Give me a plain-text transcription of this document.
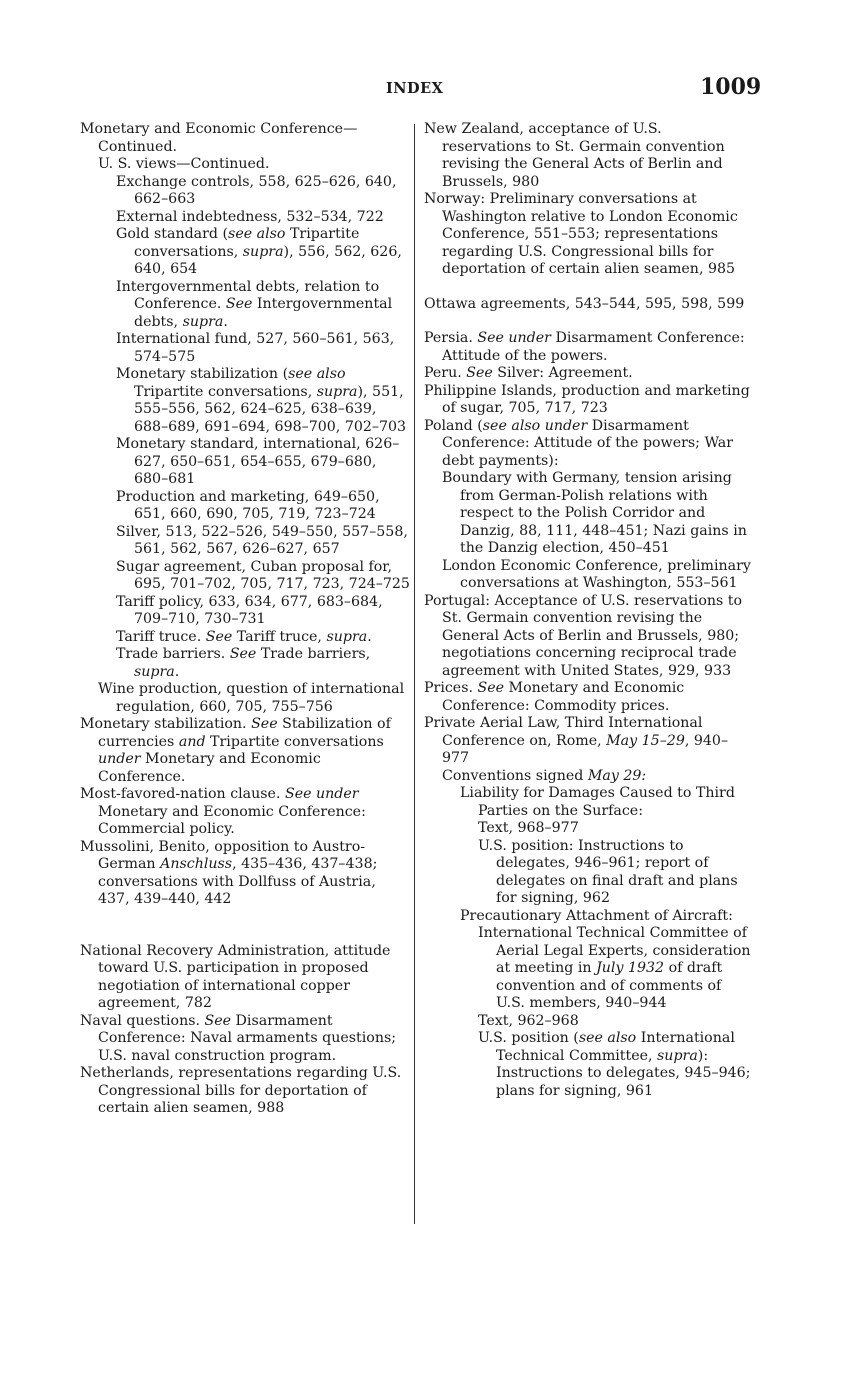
INDEX	1009
Monetary and Economic Conference—Continued.
U. S. views—Continued.
Exchange controls, 558, 625–626, 640, 662–663
External indebtedness, 532–534, 722
Gold standard (see also Tripartite conversations, supra), 556, 562, 626, 640, 654
Intergovernmental debts, relation to Conference. See Intergovernmental debts, supra.
International fund, 527, 560–561, 563, 574–575
Monetary stabilization (see also Tripartite conversations, supra), 551, 555–556, 562, 624–625, 638–639, 688–689, 691–694, 698–700, 702–703
Monetary standard, international, 626–627, 650–651, 654–655, 679–680, 680–681
Production and marketing, 649–650, 651, 660, 690, 705, 719, 723–724
Silver, 513, 522–526, 549–550, 557–558, 561, 562, 567, 626–627, 657
Sugar agreement, Cuban proposal for, 695, 701–702, 705, 717, 723, 724–725
Tariff policy, 633, 634, 677, 683–684, 709–710, 730–731
Tariff truce. See Tariff truce, supra.
Trade barriers. See Trade barriers, supra.
Wine production, question of international regulation, 660, 705, 755–756
Monetary stabilization. See Stabilization of currencies and Tripartite conversations under Monetary and Economic Conference.
Most-favored-nation clause. See under Monetary and Economic Conference: Commercial policy.
Mussolini, Benito, opposition to Austro-German Anschluss, 435–436, 437–438; conversations with Dollfuss of Austria, 437, 439–440, 442
National Recovery Administration, attitude toward U.S. participation in proposed negotiation of international copper agreement, 782
Naval questions. See Disarmament Conference: Naval armaments questions; U.S. naval construction program.
Netherlands, representations regarding U.S. Congressional bills for deportation of certain alien seamen, 988
New Zealand, acceptance of U.S. reservations to St. Germain convention revising the General Acts of Berlin and Brussels, 980
Norway: Preliminary conversations at Washington relative to London Economic Conference, 551–553; representations regarding U.S. Congressional bills for deportation of certain alien seamen, 985
Ottawa agreements, 543–544, 595, 598, 599
Persia. See under Disarmament Conference: Attitude of the powers.
Peru. See Silver: Agreement.
Philippine Islands, production and marketing of sugar, 705, 717, 723
Poland (see also under Disarmament Conference: Attitude of the powers; War debt payments):
Boundary with Germany, tension arising from German-Polish relations with respect to the Polish Corridor and Danzig, 88, 111, 448–451; Nazi gains in the Danzig election, 450–451
London Economic Conference, preliminary conversations at Washington, 553–561
Portugal: Acceptance of U.S. reservations to St. Germain convention revising the General Acts of Berlin and Brussels, 980; negotiations concerning reciprocal trade agreement with United States, 929, 933
Prices. See Monetary and Economic Conference: Commodity prices.
Private Aerial Law, Third International Conference on, Rome, May 15–29, 940–977
Conventions signed May 29:
Liability for Damages Caused to Third Parties on the Surface:
Text, 968–977
U.S. position: Instructions to delegates, 946–961; report of delegates on final draft and plans for signing, 962
Precautionary Attachment of Aircraft:
International Technical Committee of Aerial Legal Experts, consideration at meeting in July 1932 of draft convention and of comments of U.S. members, 940–944
Text, 962–968
U.S. position (see also International Technical Committee, supra): Instructions to delegates, 945–946; plans for signing, 961
